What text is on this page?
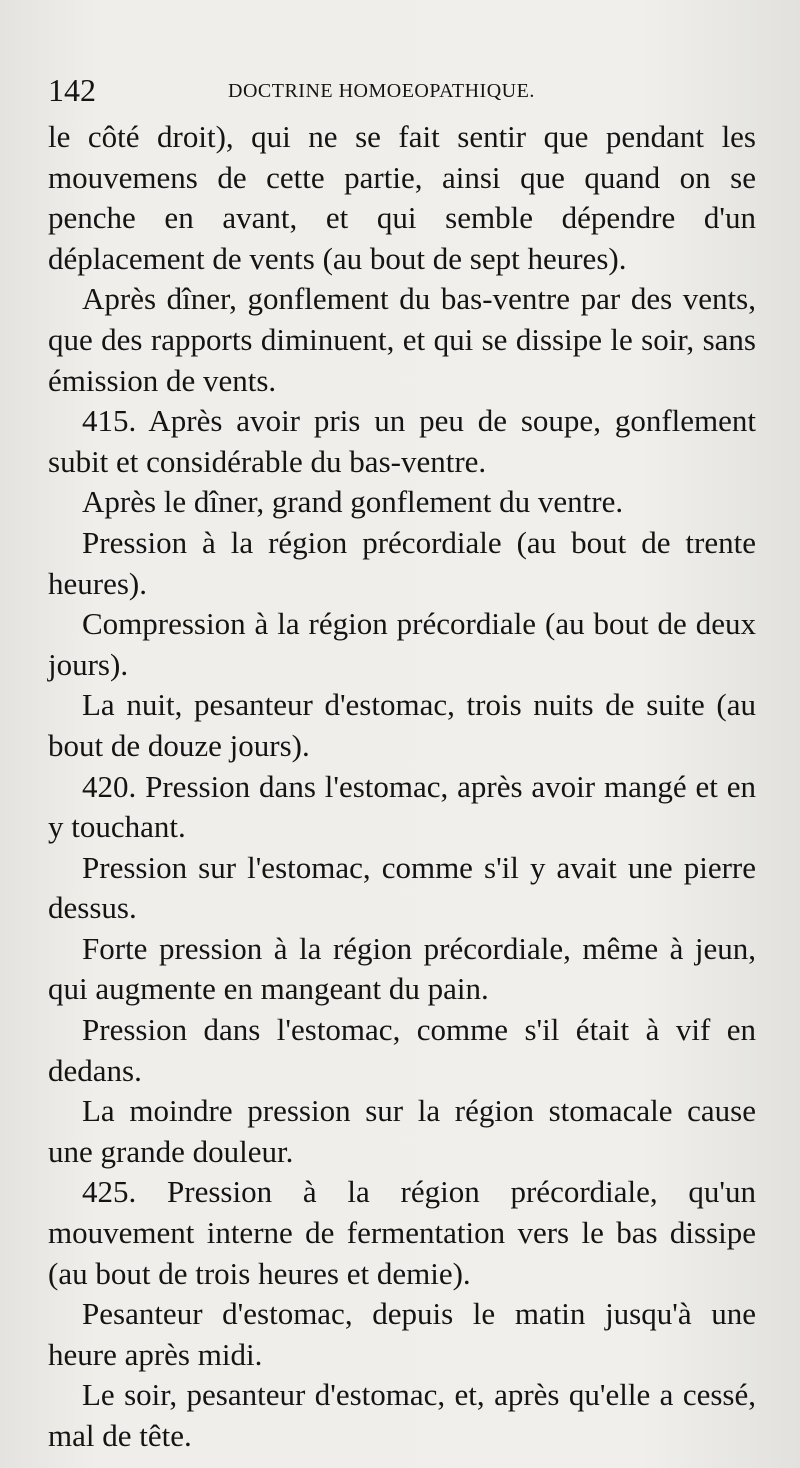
142	DOCTRINE HOMOEOPATHIQUE.

le côté droit), qui ne se fait sentir que pendant les mouvemens de cette partie, ainsi que quand on se penche en avant, et qui semble dépendre d'un déplacement de vents (au bout de sept heures).

Après dîner, gonflement du bas-ventre par des vents, que des rapports diminuent, et qui se dissipe le soir, sans émission de vents.

415. Après avoir pris un peu de soupe, gonflement subit et considérable du bas-ventre.

Après le dîner, grand gonflement du ventre.

Pression à la région précordiale (au bout de trente heures).

Compression à la région précordiale (au bout de deux jours).

La nuit, pesanteur d'estomac, trois nuits de suite (au bout de douze jours).

420. Pression dans l'estomac, après avoir mangé et en y touchant.

Pression sur l'estomac, comme s'il y avait une pierre dessus.

Forte pression à la région précordiale, même à jeun, qui augmente en mangeant du pain.

Pression dans l'estomac, comme s'il était à vif en dedans.

La moindre pression sur la région stomacale cause une grande douleur.

425. Pression à la région précordiale, qu'un mouvement interne de fermentation vers le bas dissipe (au bout de trois heures et demie).

Pesanteur d'estomac, depuis le matin jusqu'à une heure après midi.

Le soir, pesanteur d'estomac, et, après qu'elle a cessé, mal de tête.
